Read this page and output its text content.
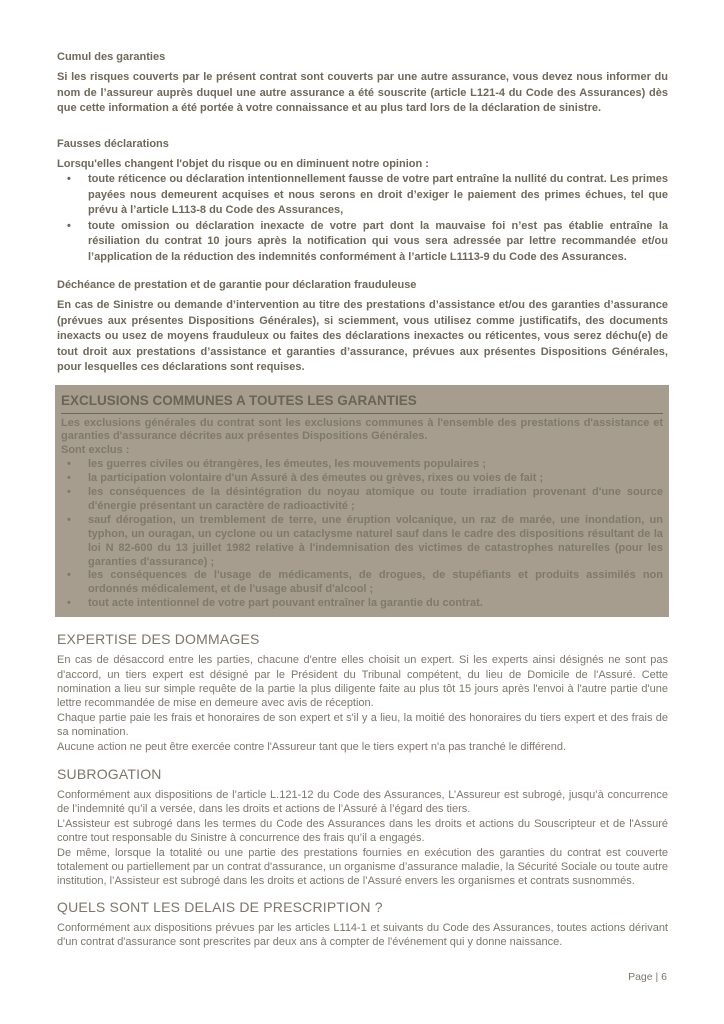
Cumul des garanties

Si les risques couverts par le présent contrat sont couverts par une autre assurance, vous devez nous informer du nom de l’assureur auprès duquel une autre assurance a été souscrite (article L121-4 du Code des Assurances) dès que cette information a été portée à votre connaissance et au plus tard lors de la déclaration de sinistre.

Fausses déclarations

Lorsqu'elles changent l'objet du risque ou en diminuent notre opinion :

• toute réticence ou déclaration intentionnellement fausse de votre part entraîne la nullité du contrat. Les primes payées nous demeurent acquises et nous serons en droit d’exiger le paiement des primes échues, tel que prévu à l’article L113-8 du Code des Assurances,
• toute omission ou déclaration inexacte de votre part dont la mauvaise foi n’est pas établie entraîne la résiliation du contrat 10 jours après la notification qui vous sera adressée par lettre recommandée et/ou l’application de la réduction des indemnités conformément à l’article L1113-9 du Code des Assurances.
Déchéance de prestation et de garantie pour déclaration frauduleuse

En cas de Sinistre ou demande d’intervention au titre des prestations d’assistance et/ou des garanties d’assurance (prévues aux présentes Dispositions Générales), si sciemment, vous utilisez comme justificatifs, des documents inexacts ou usez de moyens frauduleux ou faites des déclarations inexactes ou réticentes, vous serez déchu(e) de tout droit aux prestations d’assistance et garanties d’assurance, prévues aux présentes Dispositions Générales, pour lesquelles ces déclarations sont requises.

EXCLUSIONS COMMUNES A TOUTES LES GARANTIES

Les exclusions générales du contrat sont les exclusions communes à l'ensemble des prestations d'assistance et garanties d'assurance décrites aux présentes Dispositions Générales.

Sont exclus :

• les guerres civiles ou étrangères, les émeutes, les mouvements populaires ;
• la participation volontaire d'un Assuré à des émeutes ou grèves, rixes ou voies de fait ;
• les conséquences de la désintégration du noyau atomique ou toute irradiation provenant d'une source d'énergie présentant un caractère de radioactivité ;
• sauf dérogation, un tremblement de terre, une éruption volcanique, un raz de marée, une inondation, un typhon, un ouragan, un cyclone ou un cataclysme naturel sauf dans le cadre des dispositions résultant de la loi N 82-600 du 13 juillet 1982 relative à l'indemnisation des victimes de catastrophes naturelles (pour les garanties d'assurance) ;
• les conséquences de l'usage de médicaments, de drogues, de stupéfiants et produits assimilés non ordonnés médicalement, et de l'usage abusif d'alcool ;
• tout acte intentionnel de votre part pouvant entraîner la garantie du contrat.
EXPERTISE DES DOMMAGES

En cas de désaccord entre les parties, chacune d'entre elles choisit un expert. Si les experts ainsi désignés ne sont pas d'accord, un tiers expert est désigné par le Président du Tribunal compétent, du lieu de Domicile de l'Assuré. Cette nomination a lieu sur simple requête de la partie la plus diligente faite au plus tôt 15 jours après l'envoi à l'autre partie d'une lettre recommandée de mise en demeure avec avis de réception.

Chaque partie paie les frais et honoraires de son expert et s'il y a lieu, la moitié des honoraires du tiers expert et des frais de sa nomination.

Aucune action ne peut être exercée contre l'Assureur tant que le tiers expert n'a pas tranché le différend.

SUBROGATION

Conformément aux dispositions de l’article L.121-12 du Code des Assurances, L’Assureur est subrogé, jusqu’à concurrence de l’indemnité qu’il a versée, dans les droits et actions de l’Assuré à l’égard des tiers.

L’Assisteur est subrogé dans les termes du Code des Assurances dans les droits et actions du Souscripteur et de l'Assuré contre tout responsable du Sinistre à concurrence des frais qu’il a engagés.

De même, lorsque la totalité ou une partie des prestations fournies en exécution des garanties du contrat est couverte totalement ou partiellement par un contrat d'assurance, un organisme d’assurance maladie, la Sécurité Sociale ou toute autre institution, l’Assisteur est subrogé dans les droits et actions de l’Assuré envers les organismes et contrats susnommés.

QUELS SONT LES DELAIS DE PRESCRIPTION ?

Conformément aux dispositions prévues par les articles L114-1 et suivants du Code des Assurances, toutes actions dérivant d'un contrat d'assurance sont prescrites par deux ans à compter de l'événement qui y donne naissance.

Page | 6
